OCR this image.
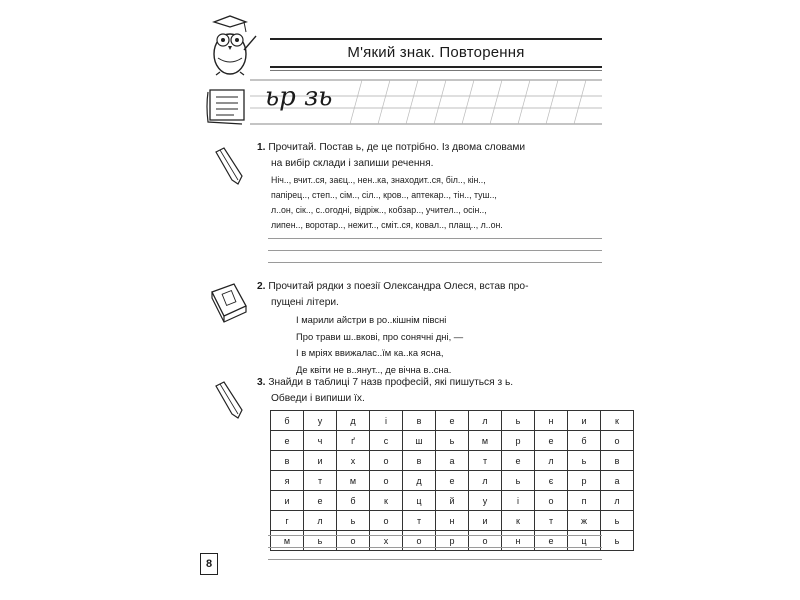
М'який знак. Повторення
ьр зь
1. Прочитай. Постав ь, де це потрібно. Із двома словами
на вибір склади і запиши речення.
Ніч.., вчит..ся, заєц.., нен..ка, знаходит..ся, біл.., кін..,
папірец.., степ.., сім.., сіл.., кров.., аптекар.., тін.., туш..,
л..он, сік.., с..огодні, відріж.., кобзар.., учител.., осін..,
липен.., воротар.., нежит.., сміт..ся, ковал.., плащ.., л..он.
2. Прочитай рядки з поезії Олександра Олеся, встав про-
пущені літери.
І марили айстри в ро..кішнім півсні
Про трави ш..вкові, про сонячні дні, —
І в мріях ввижалас..їм ка..ка ясна,
Де квіти не в..янут.., де вічна в..сна.
3. Знайди в таблиці 7 назв професій, які пишуться з ь.
Обведи і випиши їх.
б	у	д	і	в	е	л	ь	н	и	к
е	ч	ґ	с	ш	ь	м	р	е	б	о
в	и	х	о	в	а	т	е	л	ь	в
я	т	м	о	д	е	л	ь	є	р	а
и	е	б	к	ц	й	у	і	о	п	л
г	л	ь	о	т	н	и	к	т	ж	ь
м	ь	о	х	о	р	о	н	е	ц	ь
8
